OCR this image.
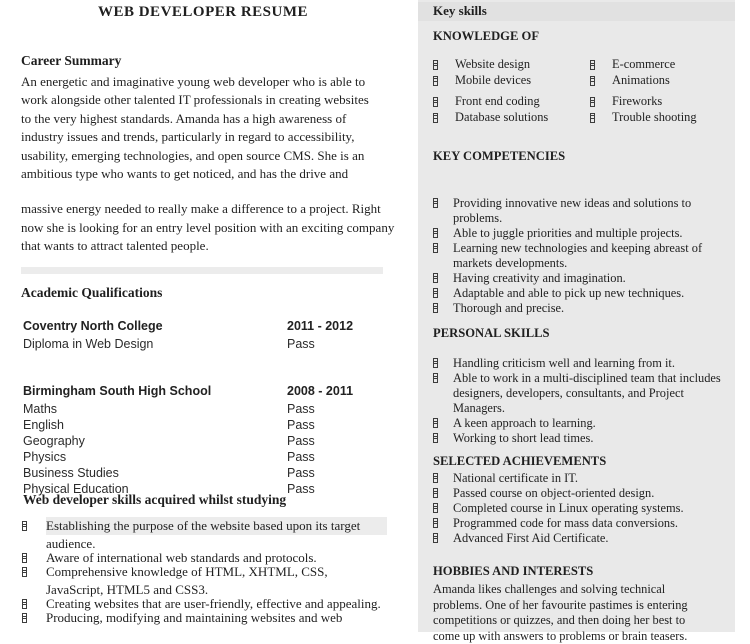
WEB DEVELOPER RESUME
Career Summary
An energetic and imaginative young web developer who is able to
work alongside other talented IT professionals in creating websites
to the very highest standards. Amanda has a high awareness of
industry issues and trends, particularly in regard to accessibility,
usability, emerging technologies, and open source CMS. She is an
ambitious type who wants to get noticed, and has the drive and
massive energy needed to really make a difference to a project. Right
now she is looking for an entry level position with an exciting company
that wants to attract talented people.
Academic Qualifications
Coventry North College	2011 - 2012
Diploma in Web Design	Pass
Birmingham South High School	2008 - 2011
Maths	Pass
English	Pass
Geography	Pass
Physics	Pass
Business Studies	Pass
Physical Education	Pass
Web developer skills acquired whilst studying
Establishing the purpose of the website based upon its target
audience.
Aware of international web standards and protocols.
Comprehensive knowledge of HTML, XHTML, CSS, JavaScript, HTML5 and CSS3.
Creating websites that are user-friendly, effective and appealing.
Producing, modifying and maintaining websites and web
Key skills
KNOWLEDGE OF
Website design	E-commerce
Mobile devices	Animations
Front end coding	Fireworks
Database solutions	Trouble shooting
KEY COMPETENCIES
Providing innovative new ideas and solutions to problems.
Able to juggle priorities and multiple projects.
Learning new technologies and keeping abreast of markets developments.
Having creativity and imagination.
Adaptable and able to pick up new techniques.
Thorough and precise.
PERSONAL SKILLS
Handling criticism well and learning from it.
Able to work in a multi-disciplined team that includes designers, developers, consultants, and Project Managers.
A keen approach to learning.
Working to short lead times.
SELECTED ACHIEVEMENTS
National certificate in IT.
Passed course on object-oriented design.
Completed course in Linux operating systems.
Programmed code for mass data conversions.
Advanced First Aid Certificate.
HOBBIES AND INTERESTS
Amanda likes challenges and solving technical
problems. One of her favourite pastimes is entering
competitions or quizzes, and then doing her best to
come up with answers to problems or brain teasers.
